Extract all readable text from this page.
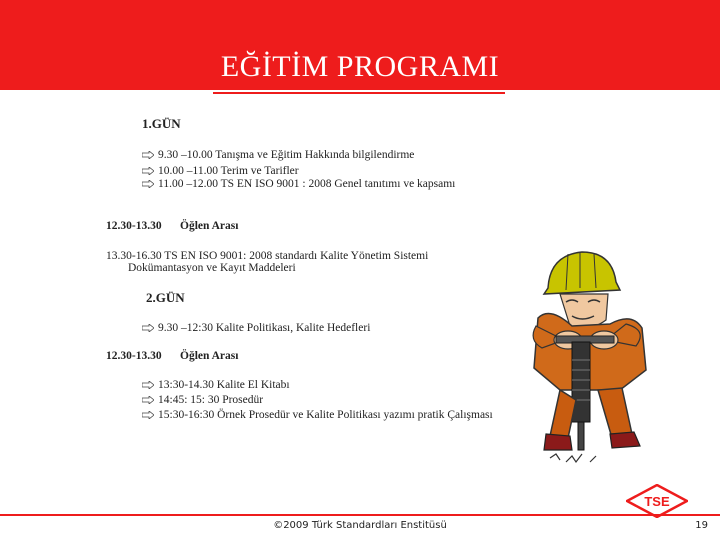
EĞİTİM PROGRAMI
1.GÜN
9.30 –10.00 Tanışma ve Eğitim Hakkında bilgilendirme
10.00 –11.00 Terim ve Tarifler
11.00 –12.00 TS EN ISO 9001 : 2008 Genel tanıtımı ve kapsamı
12.30-13.30 Öğlen Arası
13.30-16.30 TS EN ISO 9001: 2008 standardı Kalite Yönetim Sistemi
Dokümantasyon ve Kayıt Maddeleri
2.GÜN
9.30 –12:30 Kalite Politikası, Kalite Hedefleri
12.30-13.30 Öğlen Arası
13:30-14.30 Kalite El Kitabı
14:45: 15: 30 Prosedür
15:30-16:30 Örnek Prosedür ve Kalite Politikası yazımı pratik Çalışması
TSE
©2009 Türk Standardları Enstitüsü	19
